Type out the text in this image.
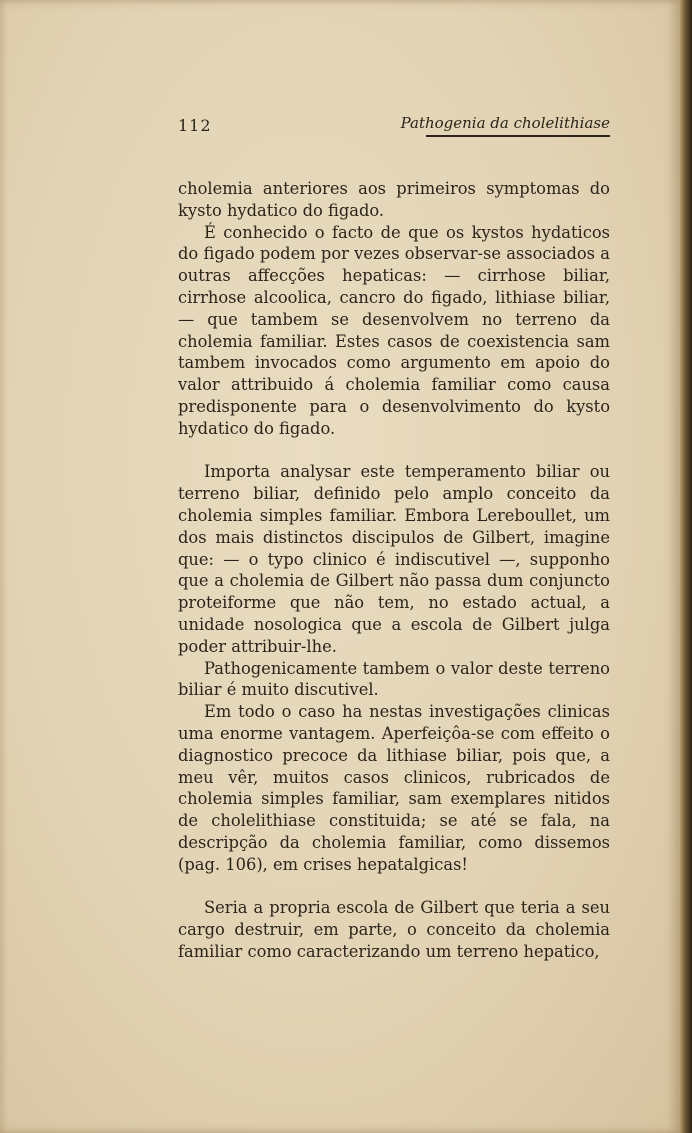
112	Pathogenia da cholelithiase

cholemia anteriores aos primeiros symptomas do kysto hydatico do figado.

É conhecido o facto de que os kystos hydaticos do figado podem por vezes observar-se associados a outras affecções hepaticas: — cirrhose biliar, cirrhose alcoolica, cancro do figado, lithiase biliar, — que tambem se desenvolvem no terreno da cholemia familiar. Estes casos de coexistencia sam tambem invocados como argumento em apoio do valor attribuido á cholemia familiar como causa predisponente para o desenvolvimento do kysto hydatico do figado.

Importa analysar este temperamento biliar ou terreno biliar, definido pelo amplo conceito da cholemia simples familiar. Embora Lereboullet, um dos mais distinctos discipulos de Gilbert, imagine que: — o typo clinico é indiscutivel —, supponho que a cholemia de Gilbert não passa dum conjuncto proteiforme que não tem, no estado actual, a unidade nosologica que a escola de Gilbert julga poder attribuir-lhe.

Pathogenicamente tambem o valor deste terreno biliar é muito discutivel.

Em todo o caso ha nestas investigações clinicas uma enorme vantagem. Aperfeiçôa-se com effeito o diagnostico precoce da lithiase biliar, pois que, a meu vêr, muitos casos clinicos, rubricados de cholemia simples familiar, sam exemplares nitidos de cholelithiase constituida; se até se fala, na descripção da cholemia familiar, como dissemos (pag. 106), em crises hepatalgicas!

Seria a propria escola de Gilbert que teria a seu cargo destruir, em parte, o conceito da cholemia familiar como caracterizando um terreno hepatico,
